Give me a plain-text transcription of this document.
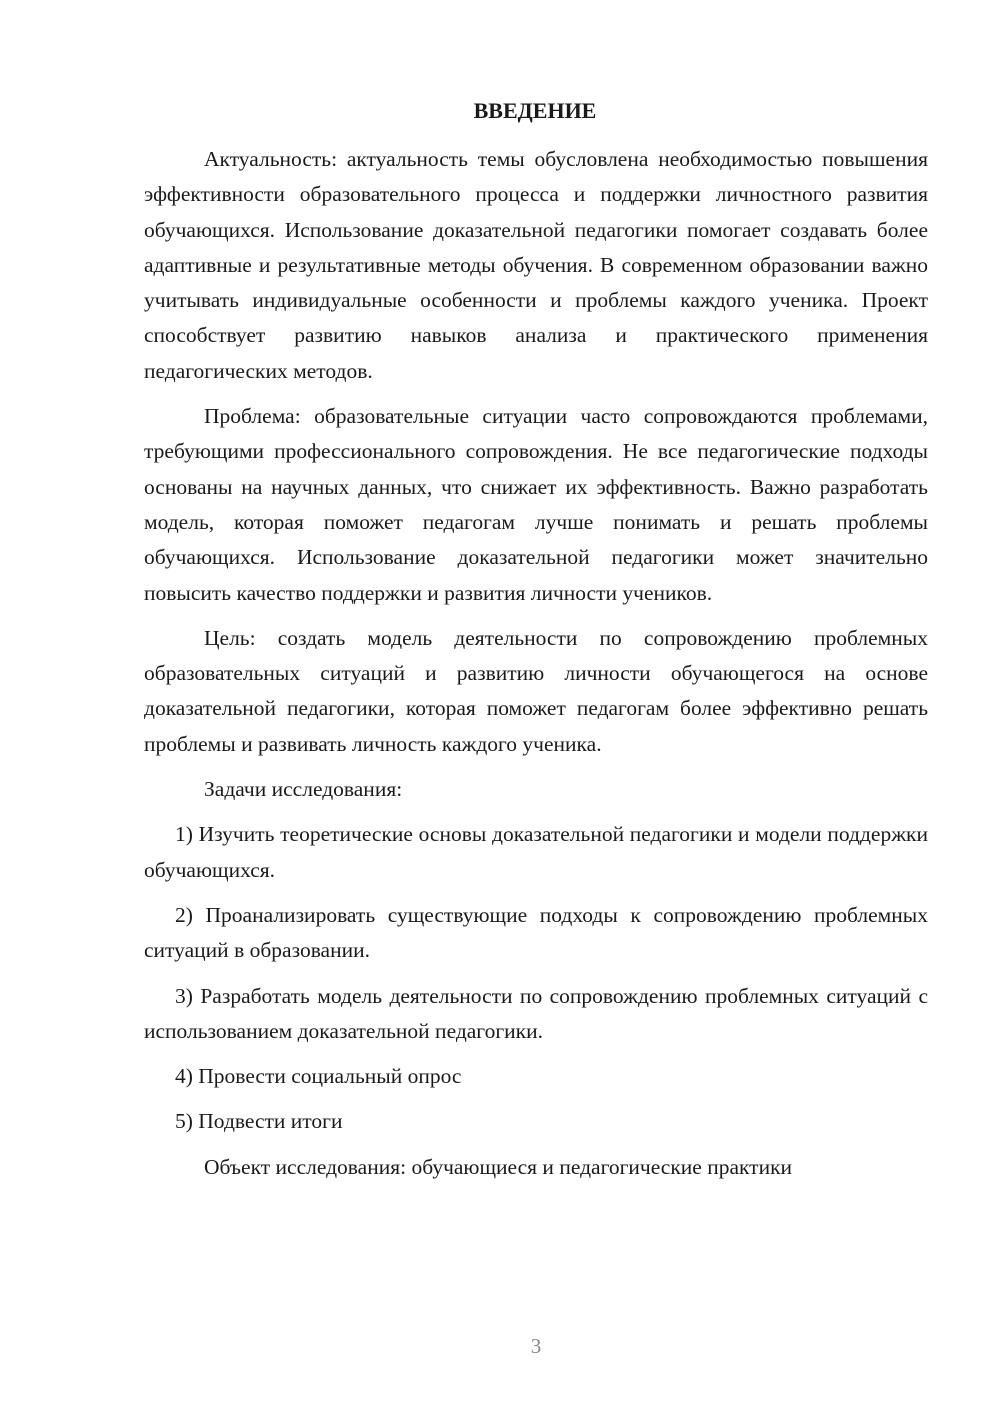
ВВЕДЕНИЕ

Актуальность: актуальность темы обусловлена необходимостью повышения эффективности образовательного процесса и поддержки личностного развития обучающихся. Использование доказательной педагогики помогает создавать более адаптивные и результативные методы обучения. В современном образовании важно учитывать индивидуальные особенности и проблемы каждого ученика. Проект способствует развитию навыков анализа и практического применения педагогических методов.

Проблема: образовательные ситуации часто сопровождаются проблемами, требующими профессионального сопровождения. Не все педагогические подходы основаны на научных данных, что снижает их эффективность. Важно разработать модель, которая поможет педагогам лучше понимать и решать проблемы обучающихся. Использование доказательной педагогики может значительно повысить качество поддержки и развития личности учеников.

Цель: создать модель деятельности по сопровождению проблемных образовательных ситуаций и развитию личности обучающегося на основе доказательной педагогики, которая поможет педагогам более эффективно решать проблемы и развивать личность каждого ученика.

Задачи исследования:

1) Изучить теоретические основы доказательной педагогики и модели поддержки обучающихся.

2) Проанализировать существующие подходы к сопровождению проблемных ситуаций в образовании.

3) Разработать модель деятельности по сопровождению проблемных ситуаций с использованием доказательной педагогики.

4) Провести социальный опрос

5) Подвести итоги

Объект исследования: обучающиеся и педагогические практики

3
